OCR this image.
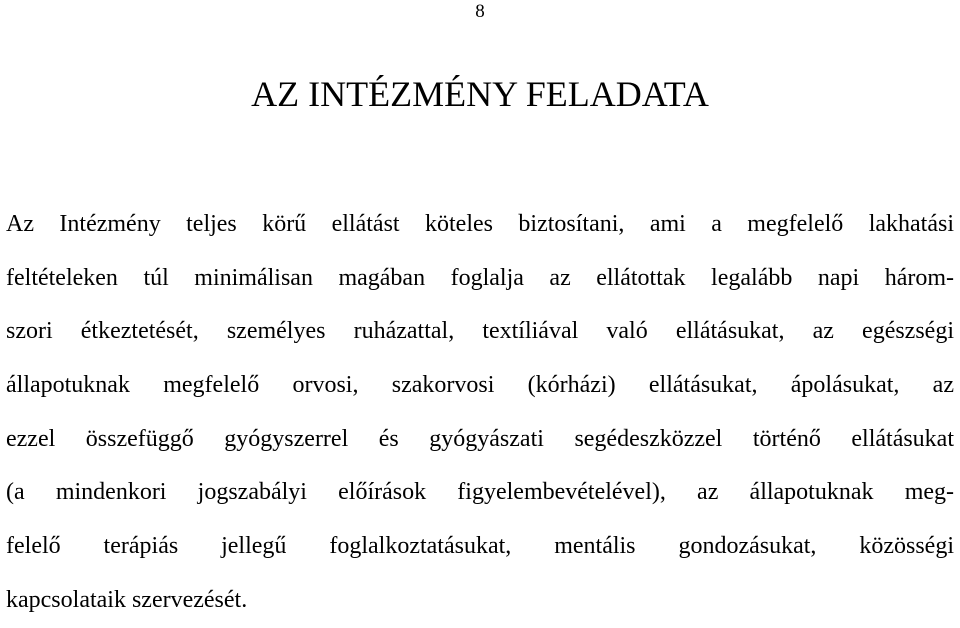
8
AZ INTÉZMÉNY FELADATA
Az Intézmény teljes körű ellátást köteles biztosítani, ami a megfelelő lakhatási
feltételeken túl minimálisan magában foglalja az ellátottak legalább napi három-
szori étkeztetését, személyes ruházattal, textíliával való ellátásukat, az egészségi
állapotuknak megfelelő orvosi, szakorvosi (kórházi) ellátásukat, ápolásukat, az
ezzel összefüggő gyógyszerrel és gyógyászati segédeszközzel történő ellátásukat
(a mindenkori jogszabályi előírások figyelembevételével), az állapotuknak meg-
felelő terápiás jellegű foglalkoztatásukat, mentális gondozásukat, közösségi
kapcsolataik szervezését.
